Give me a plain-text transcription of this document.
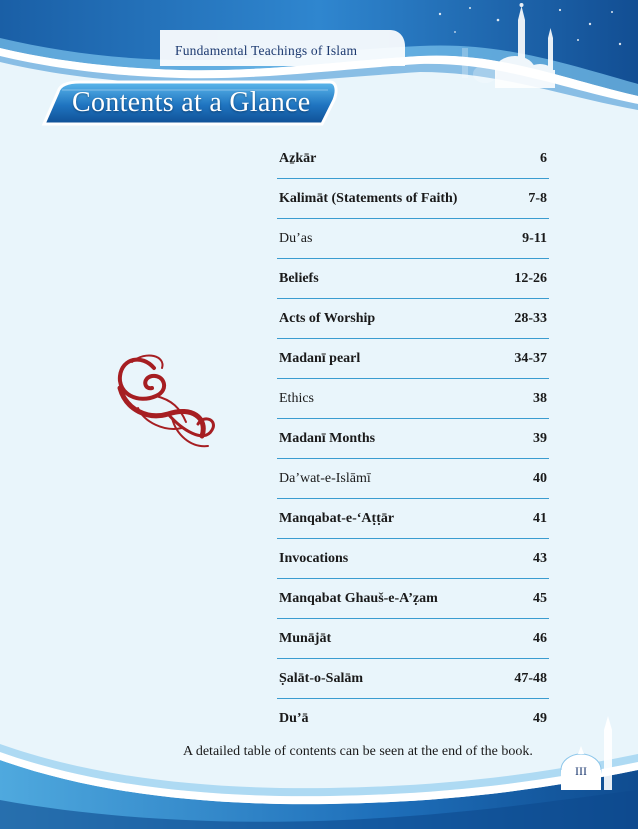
Fundamental Teachings of Islam
Contents at a Glance
Aẕkār	6
Kalimāt (Statements of Faith)	7-8
Du’as	9-11
Beliefs	12-26
Acts of Worship	28-33
Madanī pearl	34-37
Ethics	38
Madanī Months	39
Da’wat-e-Islāmī	40
Manqabat-e-‘Aṭṭār	41
Invocations	43
Manqabat Ghauš-e-A’ẓam	45
Munājāt	46
Ṣalāt-o-Salām	47-48
Du’ā	49
A detailed table of contents can be seen at the end of the book.
III
